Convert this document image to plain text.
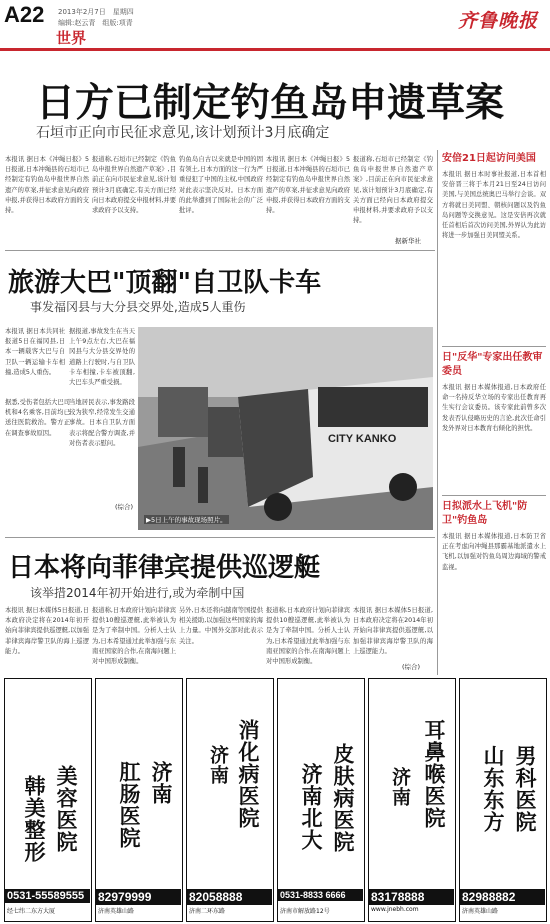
A22 2013年2月7日　星期四
编辑:赵云青　组版:项青
世界
齐鲁晚报
日方已制定钓鱼岛申遗草案
石垣市正向市民征求意见,该计划预计3月底确定
本报讯 据日本《冲绳日报》5日报道,日本冲绳县的石垣市已经制定有钓鱼岛申报世界自然遗产的草案,并征求意见向政府申报,并获得日本政府方面的支持。
报道称,石垣市已经制定《钓鱼岛申报世界自然遗产草案》,目前正在向市民征求意见,该计划预计3月底确定,有关方面已经向日本政府提交申报材料,并要求政府予以支持。
钓鱼岛自古以来就是中国的固有领土,日本方面的这一行为严重侵犯了中国的主权,中国政府对此表示坚决反对。日本方面的此举遭到了国际社会的广泛批评。
本报讯 据日本《冲绳日报》5日报道,日本冲绳县的石垣市已经制定有钓鱼岛申报世界自然遗产的草案,并征求意见向政府申报,并获得日本政府方面的支持。
报道称,石垣市已经制定《钓鱼岛申报世界自然遗产草案》,目前正在向市民征求意见,该计划预计3月底确定,有关方面已经向日本政府提交申报材料,并要求政府予以支持。
据新华社
旅游大巴"顶翻"自卫队卡车
事发福冈县与大分县交界处,造成5人重伤
本报讯 据日本共同社报道5日在福冈县,日本一辆载客大巴与自卫队一辆运输卡车相撞,造成5人重伤。
据报道,事故发生在当天上午9点左右,大巴在福冈县与大分县交界处的道路上行驶时,与自卫队卡车相撞,卡车被顶翻,大巴车头严重受损。
据悉,受伤者包括大巴司机和4名乘客,目前均已送往医院救治。警方正在调查事故原因。
当地居民表示,事发路段较为狭窄,经常发生交通事故。日本自卫队方面表示将配合警方调查,并对伤者表示慰问。
(综合)
CITY KANKO
▶5日上午的事故现场照片。
日本将向菲律宾提供巡逻艇
该举措2014年初开始进行,或为牵制中国
本报讯 据日本媒体5日报道,日本政府决定将在2014年初开始向菲律宾提供巡逻艇,以加强菲律宾海岸警卫队的海上巡逻能力。
报道称,日本政府计划向菲律宾提供10艘巡逻艇,此举被认为是为了牵制中国。分析人士认为,日本希望通过此举加强与东南亚国家的合作,在南海问题上对中国形成制衡。
另外,日本还将向越南等国提供相关援助,以加强这些国家的海上力量。中国外交部对此表示关注。
报道称,日本政府计划向菲律宾提供10艘巡逻艇,此举被认为是为了牵制中国。分析人士认为,日本希望通过此举加强与东南亚国家的合作,在南海问题上对中国形成制衡。
本报讯 据日本媒体5日报道,日本政府决定将在2014年初开始向菲律宾提供巡逻艇,以加强菲律宾海岸警卫队的海上巡逻能力。
(综合)
安倍21日起访问美国
本报讯 据日本时事社报道,日本首相安倍晋三将于本月21日至24日访问美国,与美国总统奥巴马举行会谈。双方将就日美同盟、朝核问题以及钓鱼岛问题等交换意见。这是安倍再次就任首相后首次访问美国,外界认为此访将进一步加强日美同盟关系。
日"反华"专家出任教审委员
本报讯 据日本媒体报道,日本政府任命一名持反华立场的专家出任教育再生实行会议委员。该专家此前曾多次发表否认侵略历史的言论,此次任命引发外界对日本教育右倾化的担忧。
日拟派水上飞机"防卫"钓鱼岛
本报讯 据日本媒体报道,日本防卫省正在考虑向冲绳县那霸基地派遣水上飞机,以加强对钓鱼岛周边海域的警戒监视。
美容医院
韩美整形
0531-55589555
经七纬二东方大厦
济南
肛肠医院
82979999
济南英雄山路
消化病医院
济南
82058888
济南二环东路
皮肤病医院
济南北大
0531-8833 6666
济南市解放路12号
耳鼻喉医院
济南
83178888
www.jnebh.com
男科医院
山东东方
82988882
济南英雄山路
